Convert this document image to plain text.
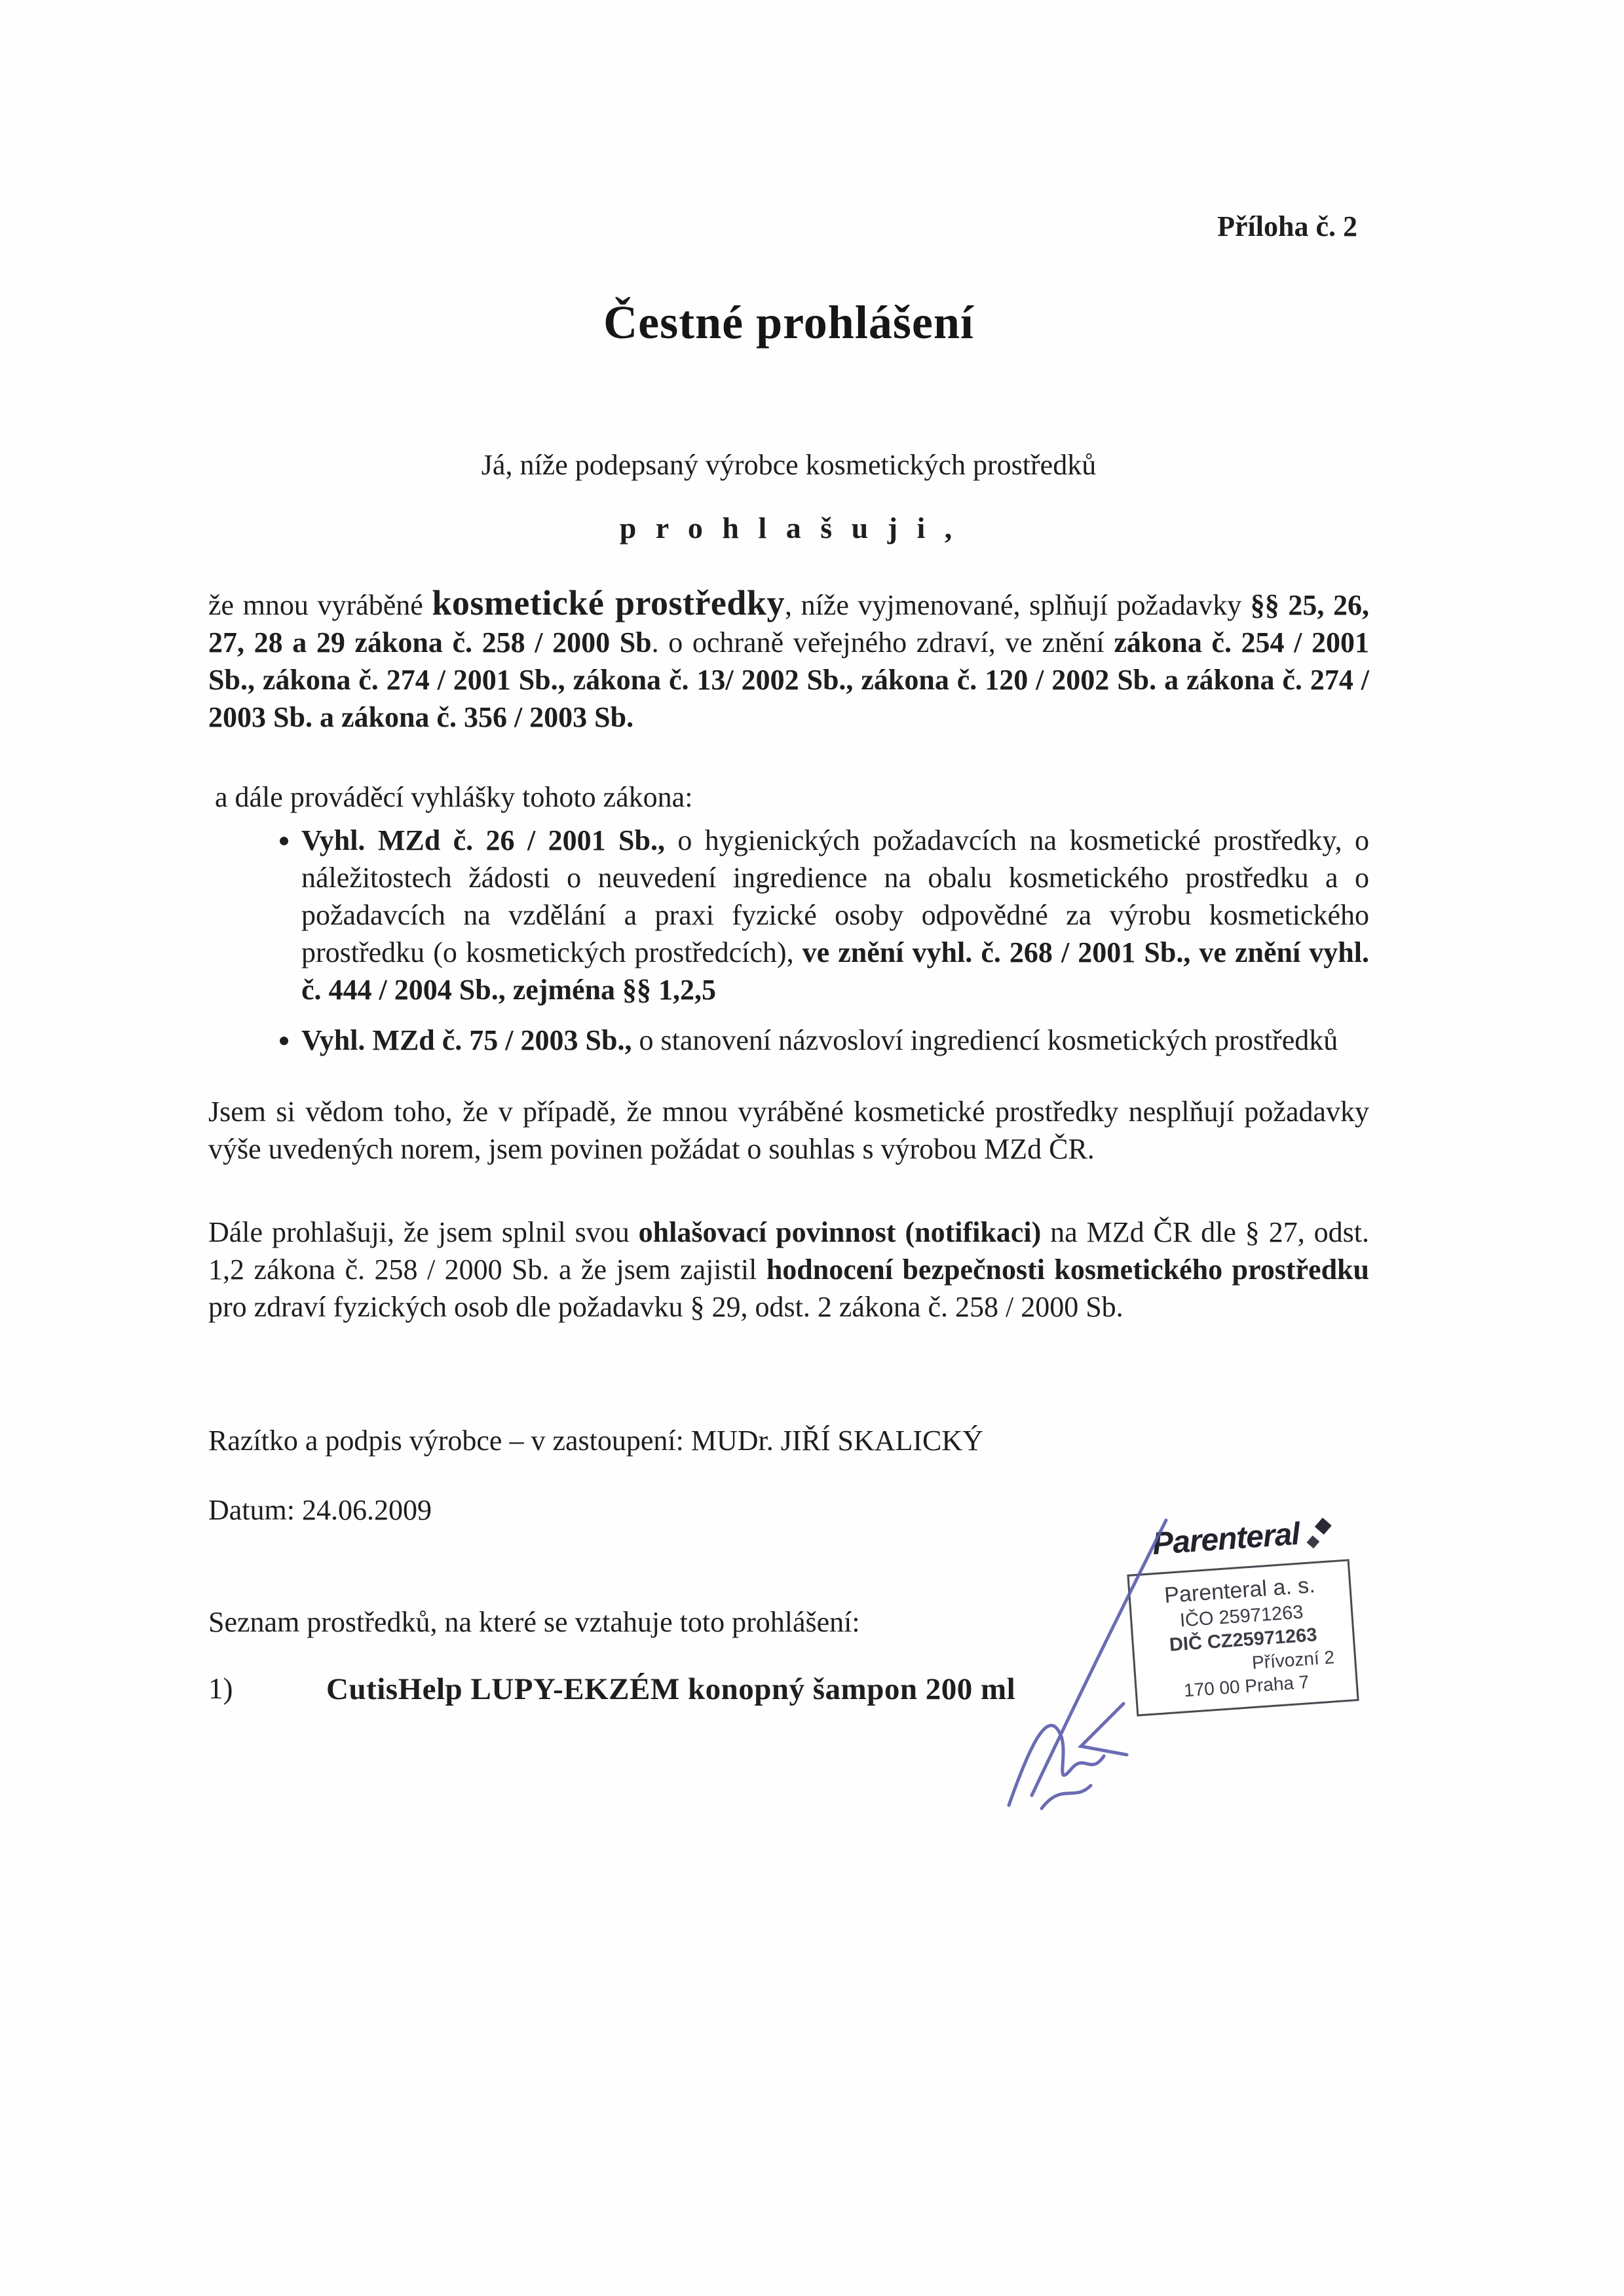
Příloha č. 2
Čestné prohlášení
Já, níže podepsaný výrobce kosmetických prostředků
p r o h l a š u j i ,

že mnou vyráběné kosmetické prostředky, níže vyjmenované, splňují požadavky §§ 25, 26, 27, 28 a 29 zákona č. 258 / 2000 Sb. o ochraně veřejného zdraví, ve znění zákona č. 254 / 2001 Sb., zákona č. 274 / 2001 Sb., zákona č. 13/ 2002 Sb., zákona č. 120 / 2002 Sb. a zákona č. 274 / 2003 Sb. a zákona č. 356 / 2003 Sb.

a dále prováděcí vyhlášky tohoto zákona:
• Vyhl. MZd č. 26 / 2001 Sb., o hygienických požadavcích na kosmetické prostředky, o náležitostech žádosti o neuvedení ingredience na obalu kosmetického prostředku a o požadavcích na vzdělání a praxi fyzické osoby odpovědné za výrobu kosmetického prostředku (o kosmetických prostředcích), ve znění vyhl. č. 268 / 2001 Sb., ve znění vyhl. č. 444 / 2004 Sb., zejména §§ 1,2,5
• Vyhl. MZd č. 75 / 2003 Sb., o stanovení názvosloví ingrediencí kosmetických prostředků

Jsem si vědom toho, že v případě, že mnou vyráběné kosmetické prostředky nesplňují požadavky výše uvedených norem, jsem povinen požádat o souhlas s výrobou MZd ČR.

Dále prohlašuji, že jsem splnil svou ohlašovací povinnost (notifikaci) na MZd ČR dle § 27, odst. 1,2 zákona č. 258 / 2000 Sb. a že jsem zajistil hodnocení bezpečnosti kosmetického prostředku pro zdraví fyzických osob dle požadavku § 29, odst. 2 zákona č. 258 / 2000 Sb.

Razítko a podpis výrobce – v zastoupení: MUDr. JIŘÍ SKALICKÝ
Datum: 24.06.2009
Seznam prostředků, na které se vztahuje toto prohlášení:
1)	CutisHelp LUPY-EKZÉM konopný šampon 200 ml
Parenteral ◆
◆
Parenteral a. s.
IČO 25971263
DIČ CZ25971263
Přívozní 2
170 00 Praha 7
